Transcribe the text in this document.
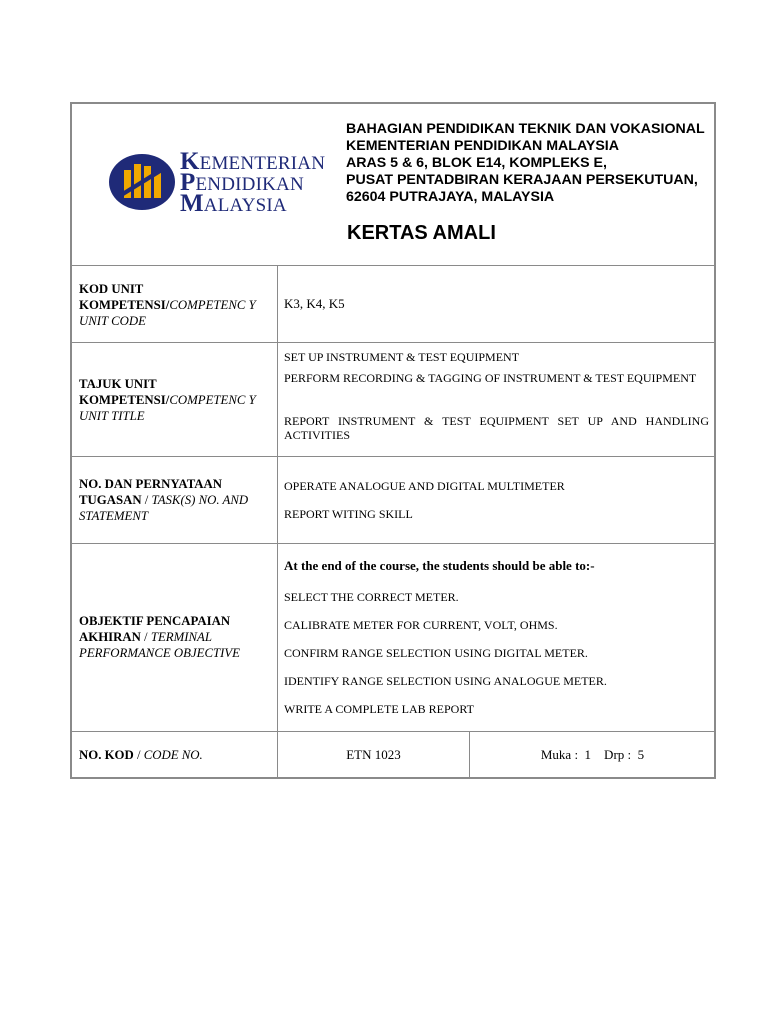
KEMENTERIAN
PENDIDIKAN
MALAYSIA
BAHAGIAN PENDIDIKAN TEKNIK DAN VOKASIONAL
KEMENTERIAN PENDIDIKAN MALAYSIA
ARAS 5 & 6, BLOK E14, KOMPLEKS E,
PUSAT PENTADBIRAN KERAJAAN PERSEKUTUAN,
62604 PUTRAJAYA, MALAYSIA
KERTAS AMALI
KOD UNIT KOMPETENSI/COMPETENC Y UNIT CODE
K3, K4, K5
TAJUK UNIT KOMPETENSI/COMPETENC Y UNIT TITLE
SET UP INSTRUMENT & TEST EQUIPMENT
PERFORM RECORDING & TAGGING OF INSTRUMENT & TEST EQUIPMENT
REPORT INSTRUMENT & TEST EQUIPMENT SET UP AND HANDLING ACTIVITIES
NO. DAN PERNYATAAN TUGASAN / TASK(S) NO. AND STATEMENT
OPERATE ANALOGUE AND DIGITAL MULTIMETER
REPORT WITING SKILL
OBJEKTIF PENCAPAIAN AKHIRAN / TERMINAL PERFORMANCE OBJECTIVE
At the end of the course, the students should be able to:-
SELECT THE CORRECT METER.
CALIBRATE METER FOR CURRENT, VOLT, OHMS.
CONFIRM RANGE SELECTION USING DIGITAL METER.
IDENTIFY RANGE SELECTION USING ANALOGUE METER.
WRITE A COMPLETE LAB REPORT
NO. KOD / CODE NO.	ETN 1023	Muka :  1    Drp :  5
